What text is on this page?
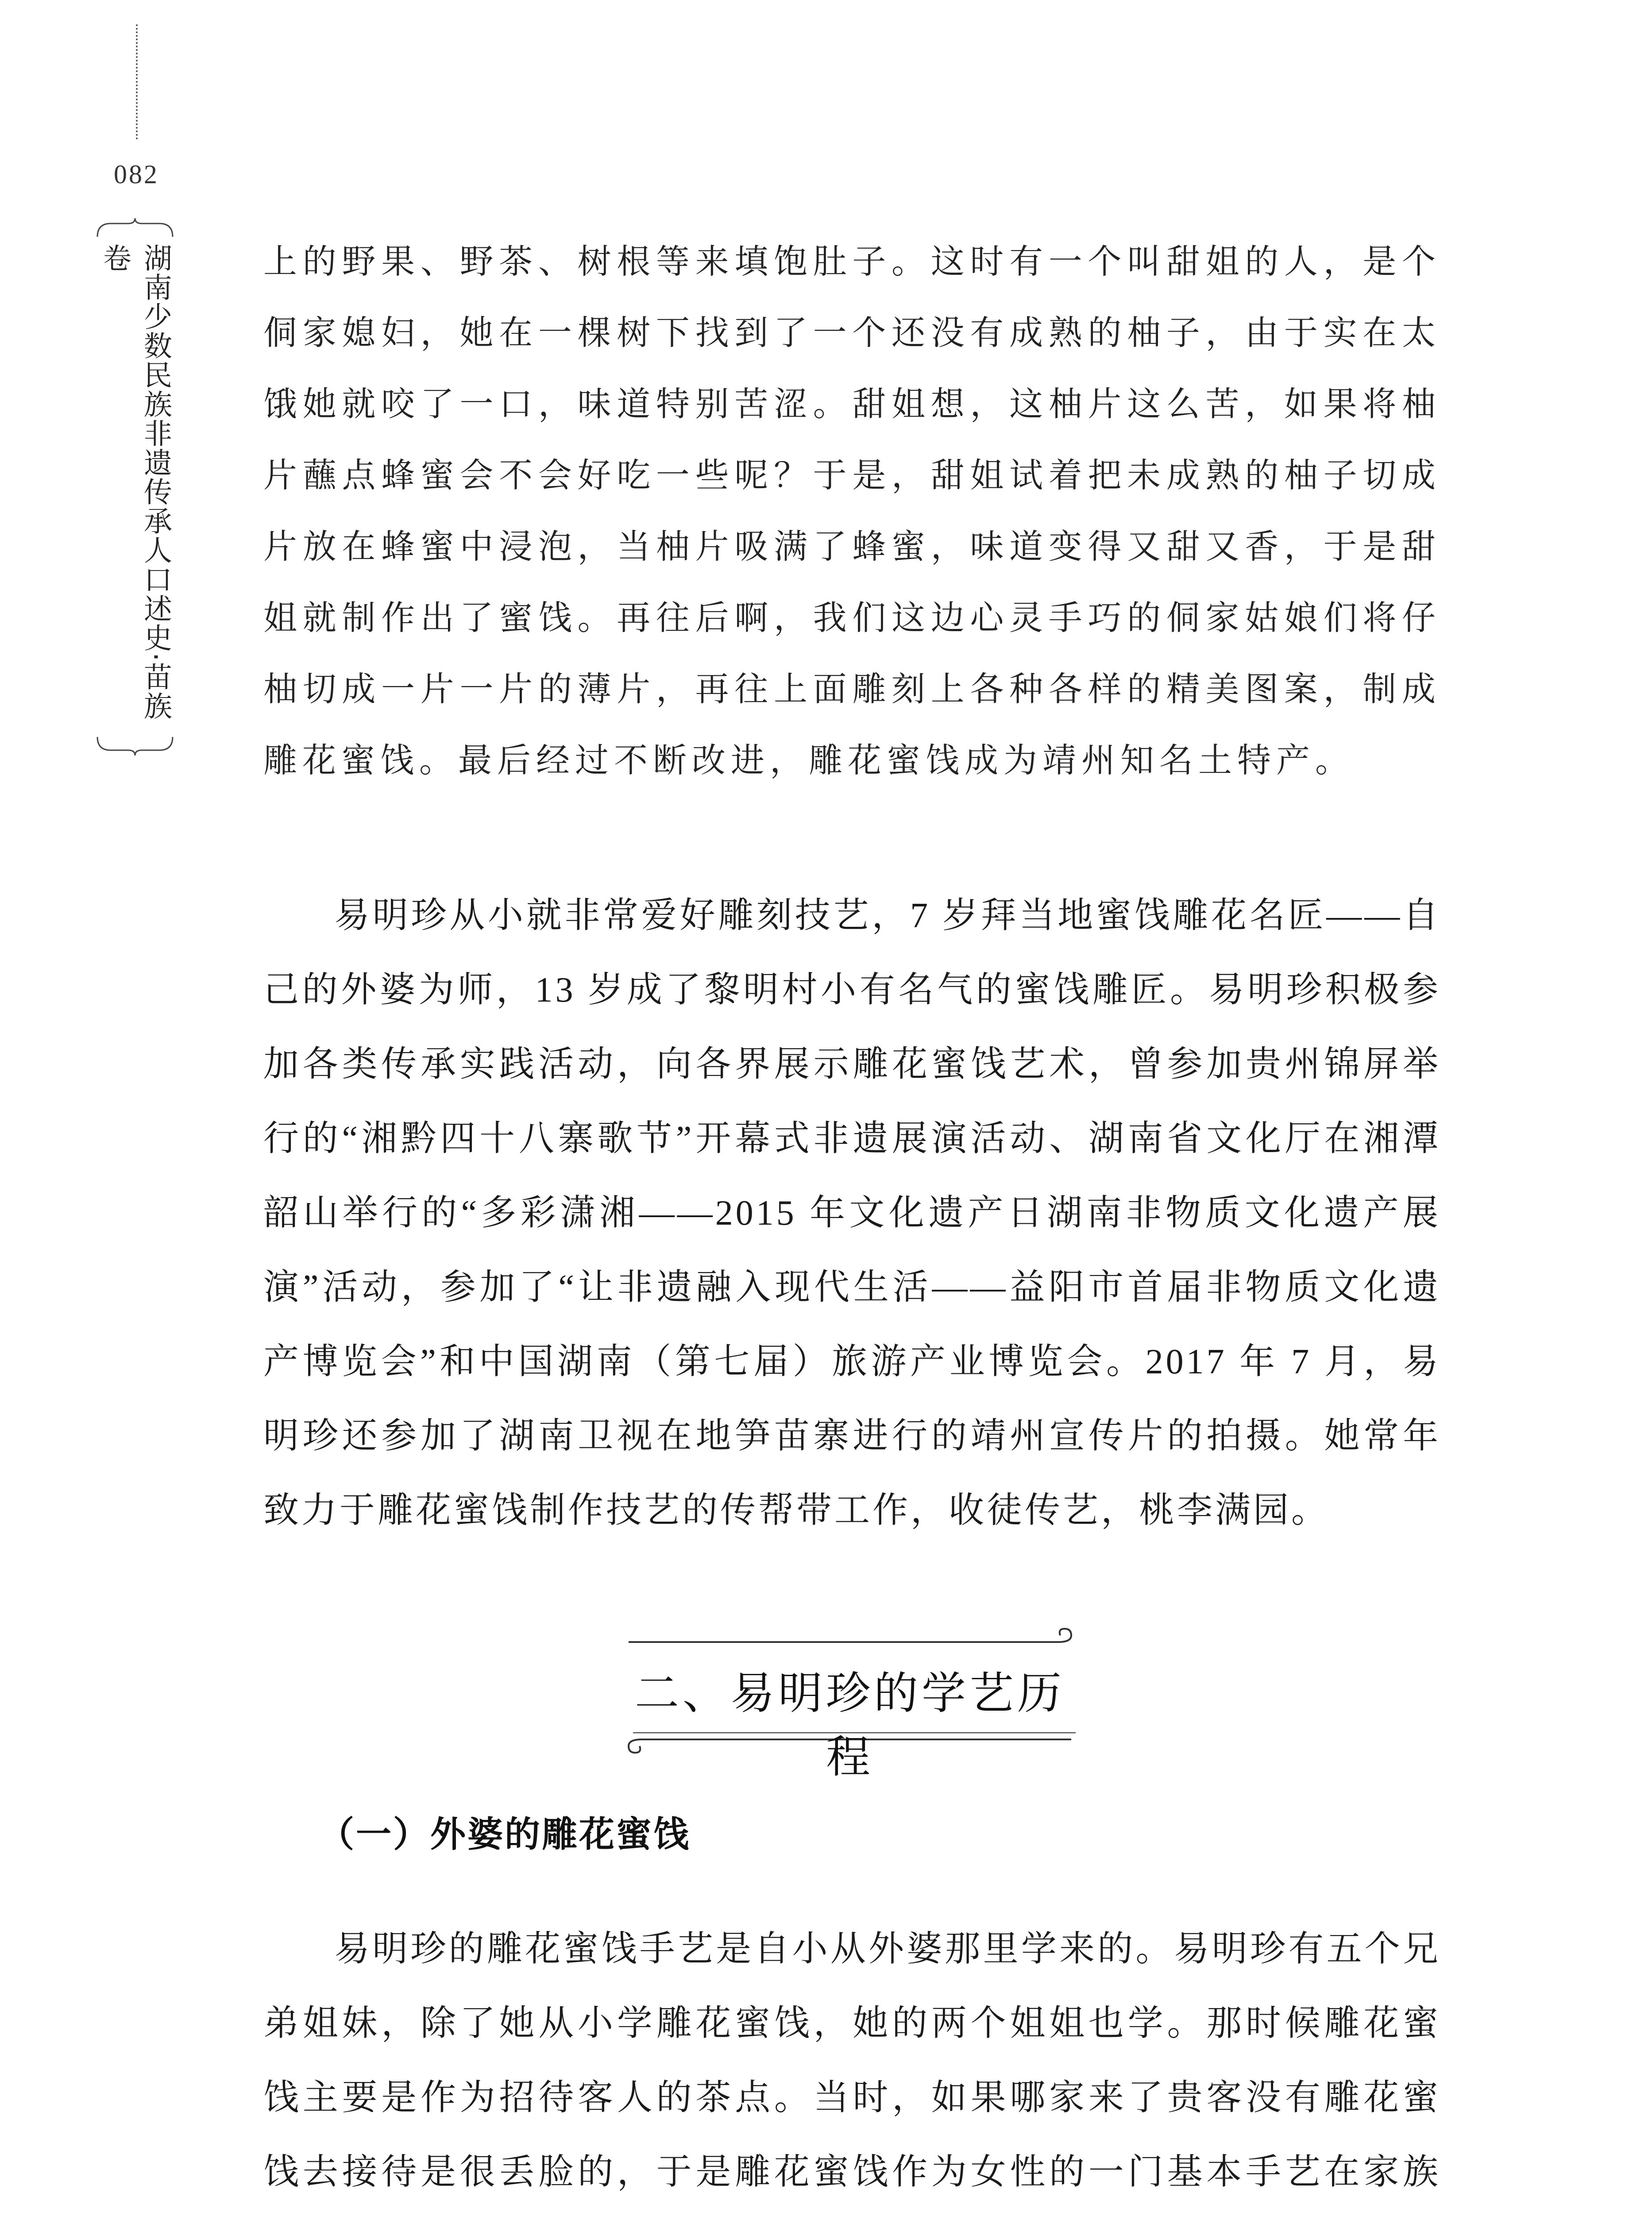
082
湖南少数民族非遗传承人口述史·苗族卷	上的野果、野茶、树根等来填饱肚子。这时有一个叫甜姐的人，是个侗家媳妇，她在一棵树下找到了一个还没有成熟的柚子，由于实在太饿她就咬了一口，味道特别苦涩。甜姐想，这柚片这么苦，如果将柚片蘸点蜂蜜会不会好吃一些呢？于是，甜姐试着把未成熟的柚子切成片放在蜂蜜中浸泡，当柚片吸满了蜂蜜，味道变得又甜又香，于是甜姐就制作出了蜜饯。再往后啊，我们这边心灵手巧的侗家姑娘们将仔柚切成一片一片的薄片，再往上面雕刻上各种各样的精美图案，制成雕花蜜饯。最后经过不断改进，雕花蜜饯成为靖州知名土特产。

易明珍从小就非常爱好雕刻技艺，7 岁拜当地蜜饯雕花名匠——自己的外婆为师，13 岁成了黎明村小有名气的蜜饯雕匠。易明珍积极参加各类传承实践活动，向各界展示雕花蜜饯艺术，曾参加贵州锦屏举行的“湘黔四十八寨歌节”开幕式非遗展演活动、湖南省文化厅在湘潭韶山举行的“多彩潇湘——2015 年文化遗产日湖南非物质文化遗产展演”活动，参加了“让非遗融入现代生活——益阳市首届非物质文化遗产博览会”和中国湖南（第七届）旅游产业博览会。2017 年 7 月，易明珍还参加了湖南卫视在地笋苗寨进行的靖州宣传片的拍摄。她常年致力于雕花蜜饯制作技艺的传帮带工作，收徒传艺，桃李满园。

二、易明珍的学艺历程
（一）外婆的雕花蜜饯

易明珍的雕花蜜饯手艺是自小从外婆那里学来的。易明珍有五个兄弟姐妹，除了她从小学雕花蜜饯，她的两个姐姐也学。那时候雕花蜜饯主要是作为招待客人的茶点。当时，如果哪家来了贵客没有雕花蜜饯去接待是很丢脸的，于是雕花蜜饯作为女性的一门基本手艺在家族
